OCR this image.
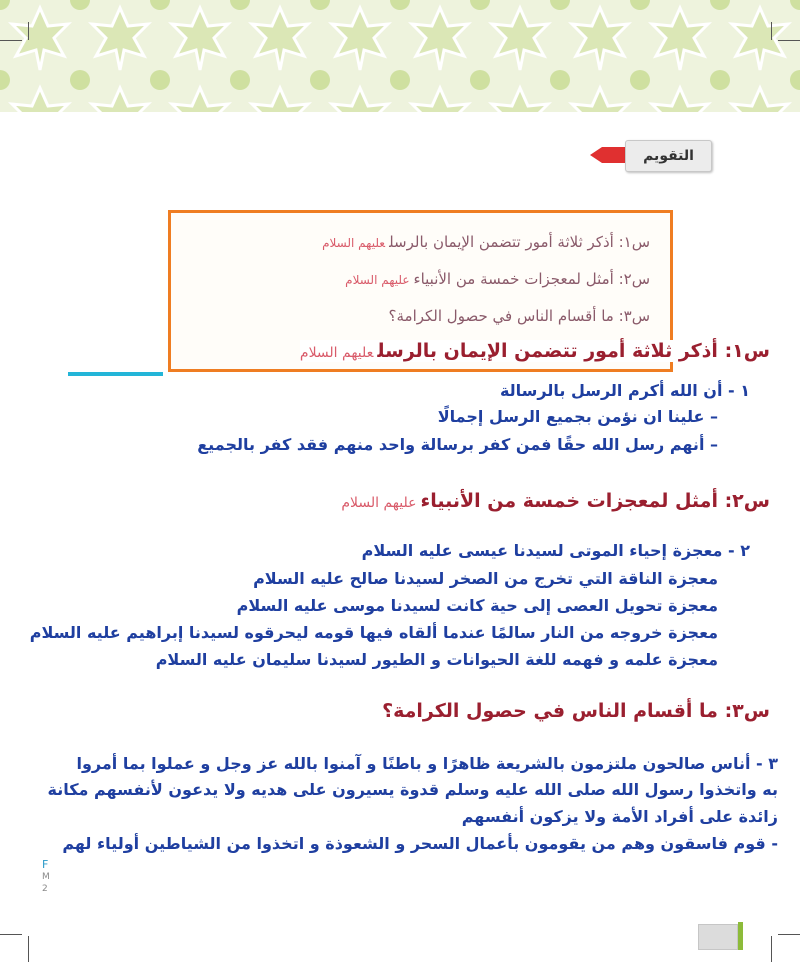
التقويم
س١: أذكر ثلاثة أمور تتضمن الإيمان بالرسلعليهم السلام
س٢: أمثل لمعجزات خمسة من الأنبياءعليهم السلام
س٣: ما أقسام الناس في حصول الكرامة؟
س١: أذكر ثلاثة أمور تتضمن الإيمان بالرسلعليهم السلام
١ - أن الله أكرم الرسل بالرسالة
– علينا ان نؤمن بجميع الرسل إجمالًا
– أنهم رسل الله حقًا فمن كفر برسالة واحد منهم فقد كفر بالجميع
س٢: أمثل لمعجزات خمسة من الأنبياءعليهم السلام
٢ - معجزة إحياء الموتى لسيدنا عيسى عليه السلام
معجزة الناقة التي تخرج من الصخر لسيدنا صالح عليه السلام
معجزة تحويل العصى إلى حية كانت لسيدنا موسى عليه السلام
معجزة خروجه من النار سالمًا عندما ألقاه فيها قومه ليحرقوه لسيدنا إبراهيم عليه السلام
معجزة علمه و فهمه للغة الحيوانات و الطيور لسيدنا سليمان عليه السلام
س٣: ما أقسام الناس في حصول الكرامة؟
٣ - أناس صالحون ملتزمون بالشريعة ظاهرًا و باطنًا و آمنوا بالله عز وجل و عملوا بما أمروا
به واتخذوا رسول الله صلى الله عليه وسلم قدوة يسيرون على هديه ولا يدعون لأنفسهم مكانة
زائدة على أفراد الأمة ولا يزكون أنفسهم
- قوم فاسقون وهم من يقومون بأعمال السحر و الشعوذة و اتخذوا من الشياطين أولياء لهم
F
M
2
